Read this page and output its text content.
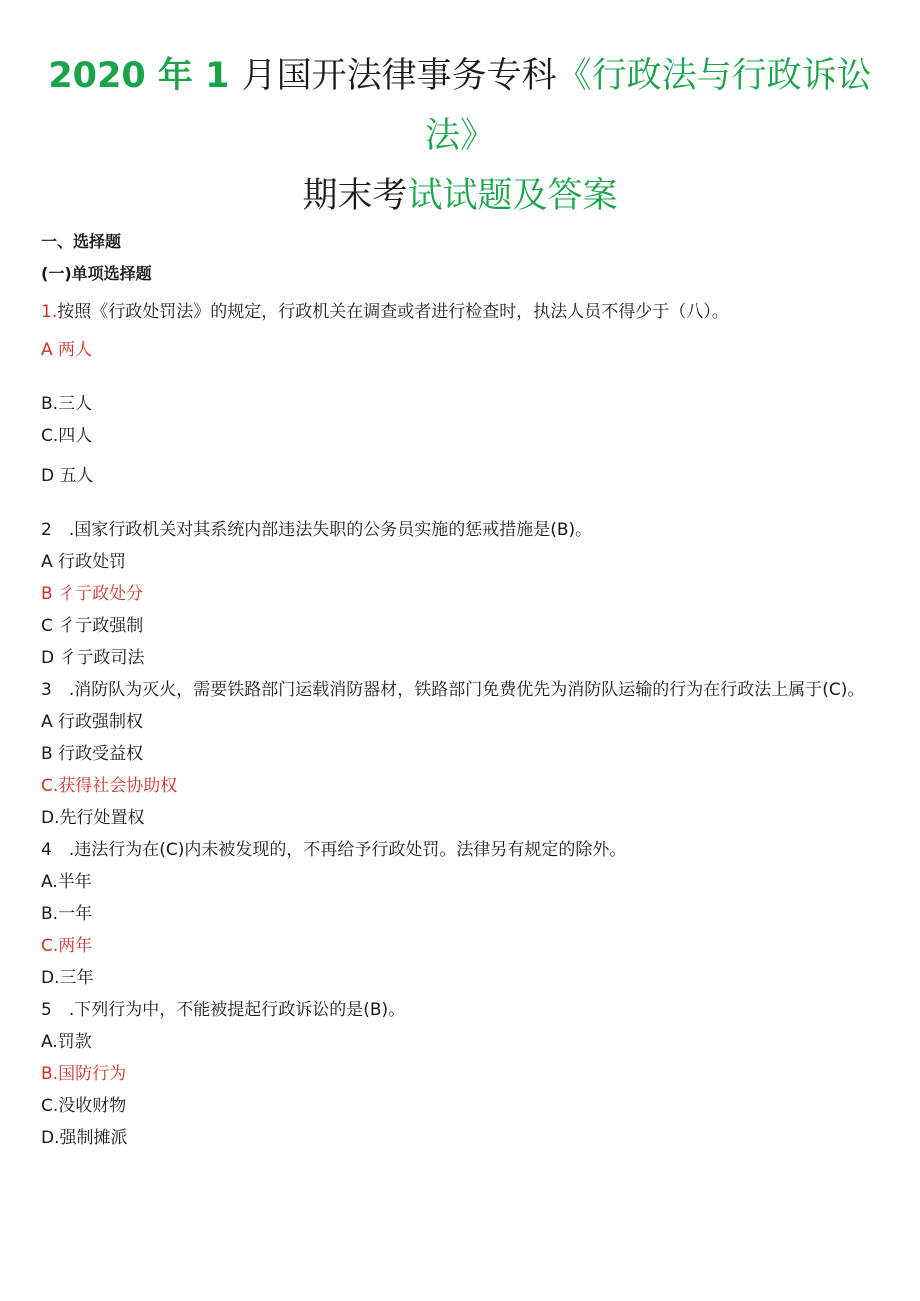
2020 年 1 月国开法律事务专科《行政法与行政诉讼
法》
期末考试试题及答案

一、选择题

(一)单项选择题

1.按照《行政处罚法》的规定，行政机关在调查或者进行检查时，执法人员不得少于（八）。

A 两人

B.三人

C.四人

D 五人

2　.国家行政机关对其系统内部违法失职的公务员实施的惩戒措施是(B)。

A 行政处罚

B 彳亍政处分

C 彳亍政强制

D 彳亍政司法

3　.消防队为灭火，需要铁路部门运载消防器材，铁路部门免费优先为消防队运输的行为在行政法上属于(C)。

A 行政强制权

B 行政受益权

C.获得社会协助权

D.先行处置权

4　.违法行为在(C)内未被发现的，不再给予行政处罚。法律另有规定的除外。

A.半年

B.一年

C.两年

D.三年

5　.下列行为中，不能被提起行政诉讼的是(B)。

A.罚款

B.国防行为

C.没收财物

D.强制摊派
